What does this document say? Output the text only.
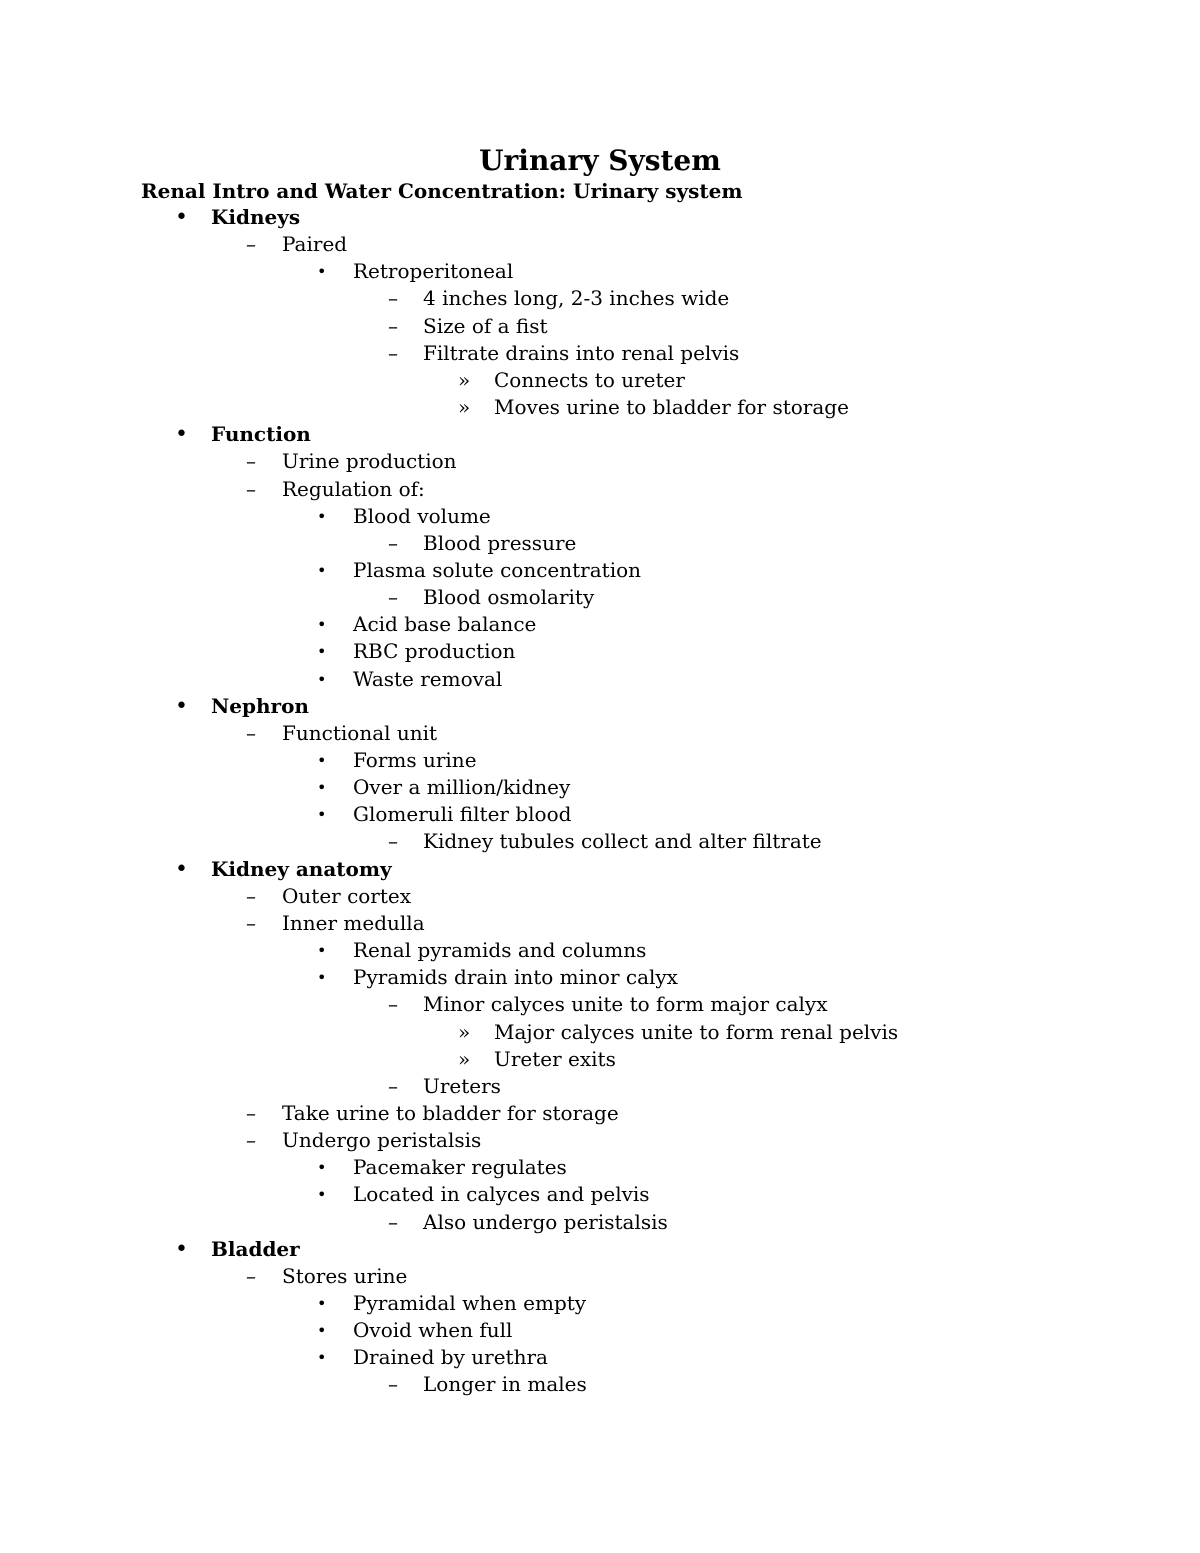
Urinary System
Renal Intro and Water Concentration: Urinary system
• Kidneys
– Paired
• Retroperitoneal
– 4 inches long, 2-3 inches wide
– Size of a fist
– Filtrate drains into renal pelvis
» Connects to ureter
» Moves urine to bladder for storage
• Function
– Urine production
– Regulation of:
• Blood volume
– Blood pressure
• Plasma solute concentration
– Blood osmolarity
• Acid base balance
• RBC production
• Waste removal
• Nephron
– Functional unit
• Forms urine
• Over a million/kidney
• Glomeruli filter blood
– Kidney tubules collect and alter filtrate
• Kidney anatomy
– Outer cortex
– Inner medulla
• Renal pyramids and columns
• Pyramids drain into minor calyx
– Minor calyces unite to form major calyx
» Major calyces unite to form renal pelvis
» Ureter exits
– Ureters
– Take urine to bladder for storage
– Undergo peristalsis
• Pacemaker regulates
• Located in calyces and pelvis
– Also undergo peristalsis
• Bladder
– Stores urine
• Pyramidal when empty
• Ovoid when full
• Drained by urethra
– Longer in males
